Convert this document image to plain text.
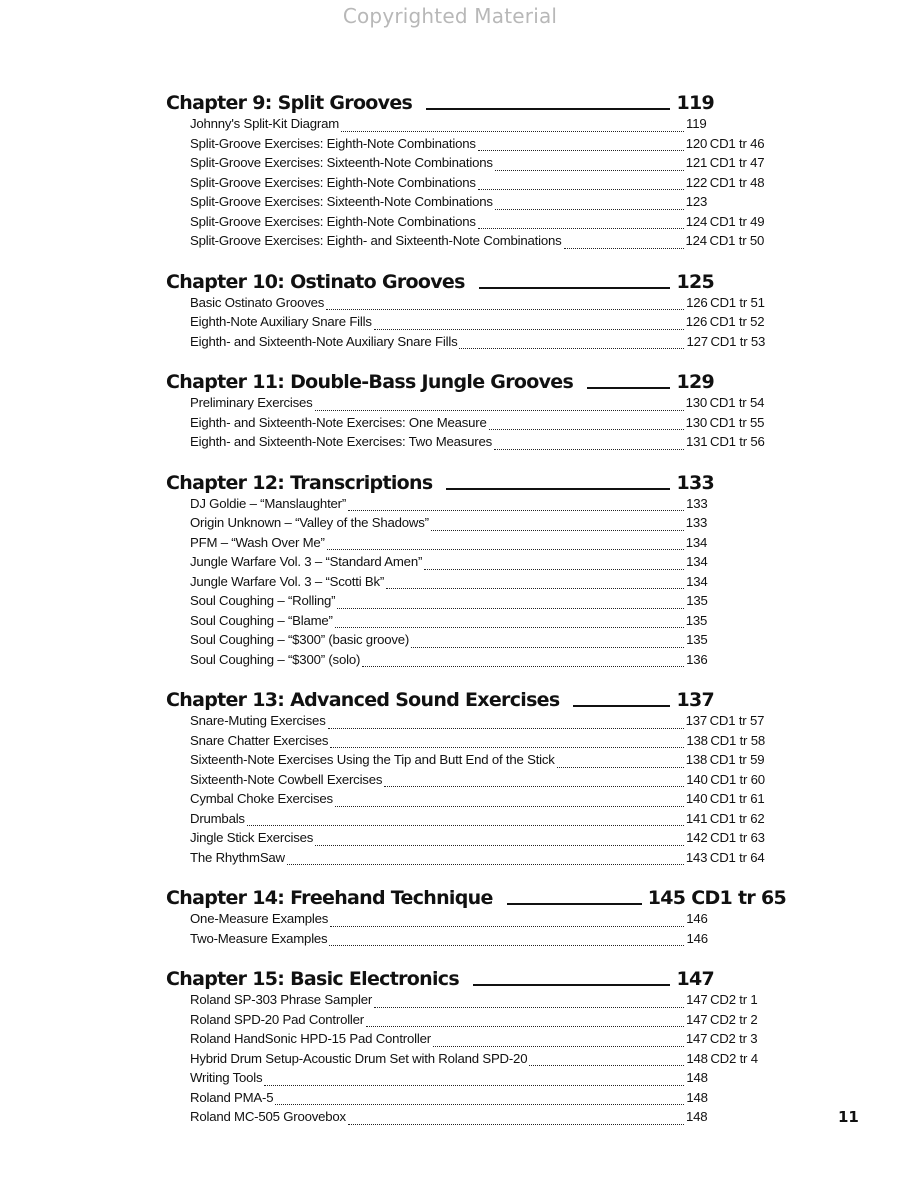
Copyrighted Material
Chapter 9: Split Grooves	119
Johnny's Split-Kit Diagram	119
Split-Groove Exercises: Eighth-Note Combinations	120 CD1 tr 46
Split-Groove Exercises: Sixteenth-Note Combinations	121 CD1 tr 47
Split-Groove Exercises: Eighth-Note Combinations	122 CD1 tr 48
Split-Groove Exercises: Sixteenth-Note Combinations	123
Split-Groove Exercises: Eighth-Note Combinations	124 CD1 tr 49
Split-Groove Exercises: Eighth- and Sixteenth-Note Combinations	124 CD1 tr 50
Chapter 10: Ostinato Grooves	125
Basic Ostinato Grooves	126 CD1 tr 51
Eighth-Note Auxiliary Snare Fills	126 CD1 tr 52
Eighth- and Sixteenth-Note Auxiliary Snare Fills	127 CD1 tr 53
Chapter 11: Double-Bass Jungle Grooves	129
Preliminary Exercises	130 CD1 tr 54
Eighth- and Sixteenth-Note Exercises: One Measure	130 CD1 tr 55
Eighth- and Sixteenth-Note Exercises: Two Measures	131 CD1 tr 56
Chapter 12: Transcriptions	133
DJ Goldie – “Manslaughter”	133
Origin Unknown – “Valley of the Shadows”	133
PFM – “Wash Over Me”	134
Jungle Warfare Vol. 3 – “Standard Amen”	134
Jungle Warfare Vol. 3 – “Scotti Bk”	134
Soul Coughing – “Rolling”	135
Soul Coughing – “Blame”	135
Soul Coughing – “$300” (basic groove)	135
Soul Coughing – “$300” (solo)	136
Chapter 13: Advanced Sound Exercises	137
Snare-Muting Exercises	137 CD1 tr 57
Snare Chatter Exercises	138 CD1 tr 58
Sixteenth-Note Exercises Using the Tip and Butt End of the Stick	138 CD1 tr 59
Sixteenth-Note Cowbell Exercises	140 CD1 tr 60
Cymbal Choke Exercises	140 CD1 tr 61
Drumbals	141 CD1 tr 62
Jingle Stick Exercises	142 CD1 tr 63
The RhythmSaw	143 CD1 tr 64
Chapter 14: Freehand Technique	145 CD1 tr 65
One-Measure Examples	146
Two-Measure Examples	146
Chapter 15: Basic Electronics	147
Roland SP-303 Phrase Sampler	147 CD2 tr 1
Roland SPD-20 Pad Controller	147 CD2 tr 2
Roland HandSonic HPD-15 Pad Controller	147 CD2 tr 3
Hybrid Drum Setup-Acoustic Drum Set with Roland SPD-20	148 CD2 tr 4
Writing Tools	148
Roland PMA-5	148
Roland MC-505 Groovebox	148	11
